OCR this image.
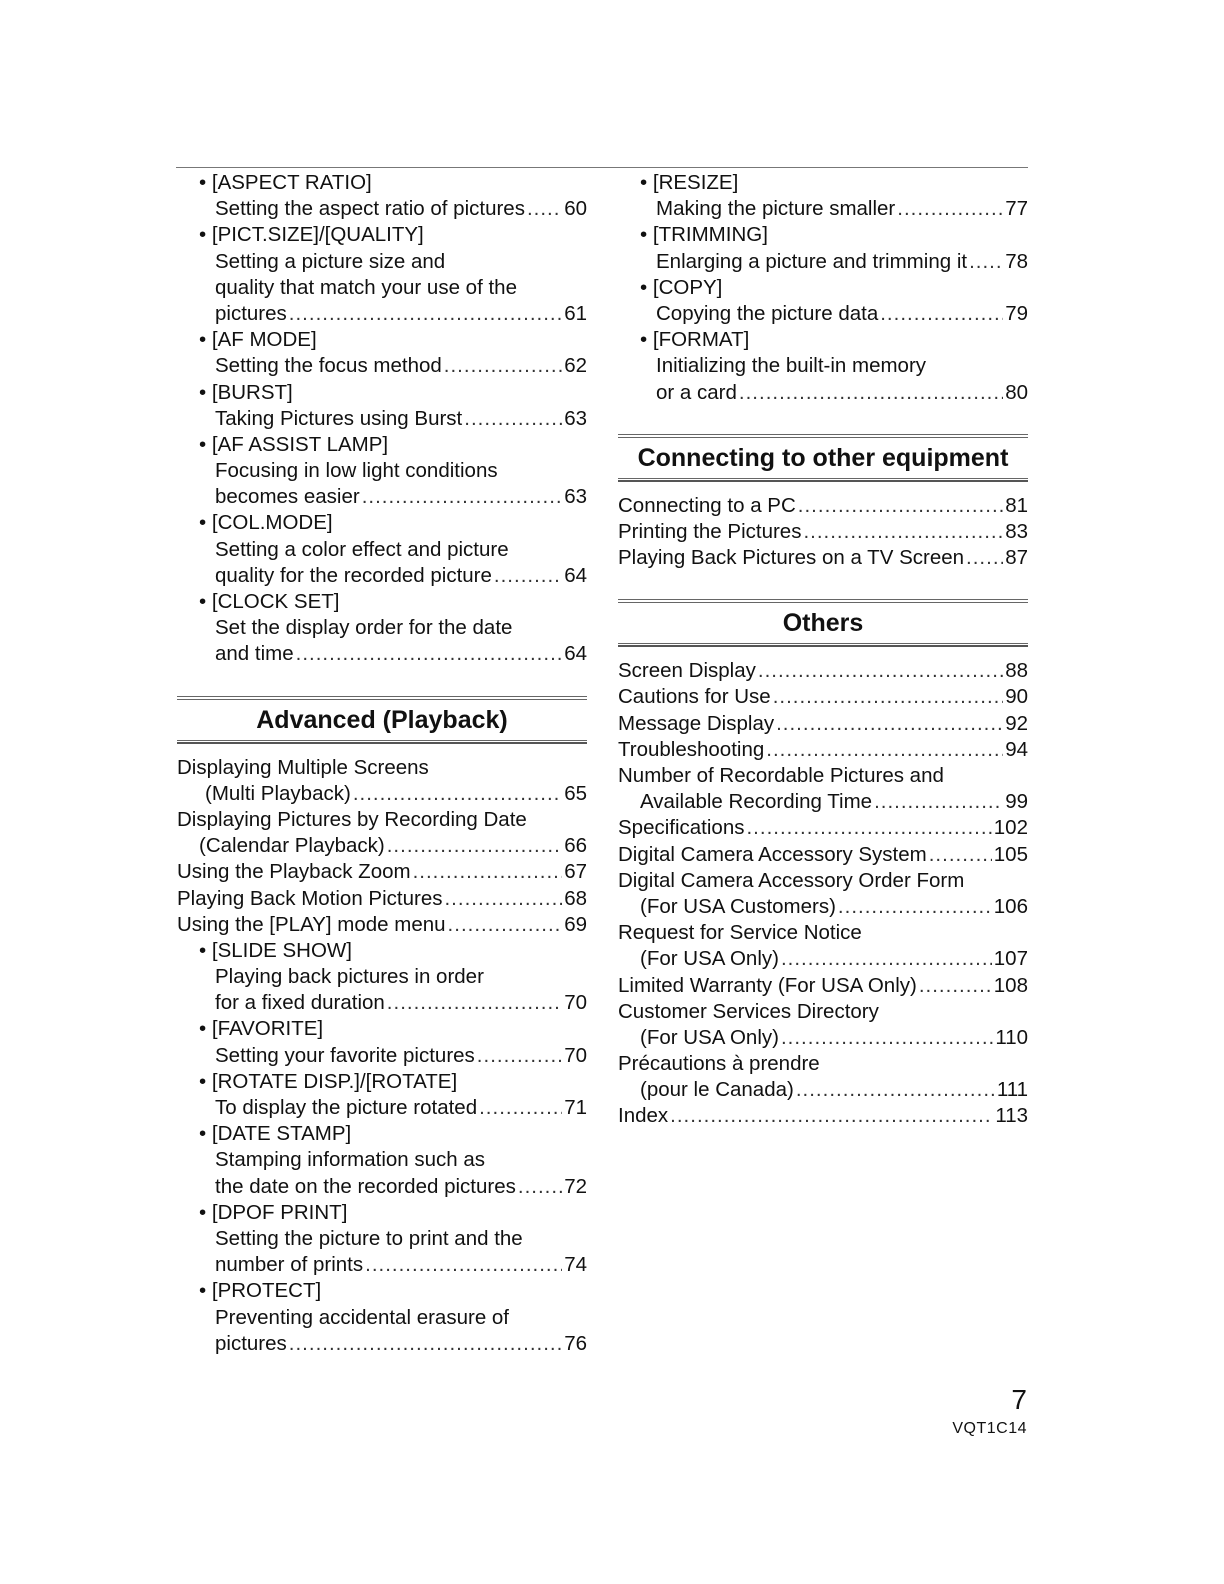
• [ASPECT RATIO]
Setting the aspect ratio of pictures ..... 60
• [PICT.SIZE]/[QUALITY]
Setting a picture size and
quality that match your use of the
pictures .....	61
• [AF MODE]
Setting the focus method .....	62
• [BURST]
Taking Pictures using Burst .....	63
• [AF ASSIST LAMP]
Focusing in low light conditions
becomes easier .....	63
• [COL.MODE]
Setting a color effect and picture
quality for the recorded picture .....	64
• [CLOCK SET]
Set the display order for the date
and time .....	64
Advanced (Playback)
Displaying Multiple Screens
(Multi Playback) .....	65
Displaying Pictures by Recording Date
(Calendar Playback) .....	66
Using the Playback Zoom .....	67
Playing Back Motion Pictures .....	68
Using the [PLAY] mode menu .....	69
• [SLIDE SHOW]
Playing back pictures in order
for a fixed duration .....	70
• [FAVORITE]
Setting your favorite pictures .....	70
• [ROTATE DISP.]/[ROTATE]
To display the picture rotated .....	71
• [DATE STAMP]
Stamping information such as
the date on the recorded pictures ..... 72
• [DPOF PRINT]
Setting the picture to print and the
number of prints .....	74
• [PROTECT]
Preventing accidental erasure of
pictures .....	76
• [RESIZE]
Making the picture smaller .....	77
• [TRIMMING]
Enlarging a picture and trimming it ..... 78
• [COPY]
Copying the picture data .....	79
• [FORMAT]
Initializing the built-in memory
or a card .....	80
Connecting to other equipment
Connecting to a PC .....	81
Printing the Pictures .....	83
Playing Back Pictures on a TV Screen ..... 87
Others
Screen Display .....	88
Cautions for Use .....	90
Message Display .....	92
Troubleshooting .....	94
Number of Recordable Pictures and
Available Recording Time .....	99
Specifications .....	102
Digital Camera Accessory System .....	105
Digital Camera Accessory Order Form
(For USA Customers) .....	106
Request for Service Notice
(For USA Only) .....	107
Limited Warranty (For USA Only) .....	108
Customer Services Directory
(For USA Only) .....	110
Précautions à prendre
(pour le Canada) .....	111
Index .....	113
7
VQT1C14
